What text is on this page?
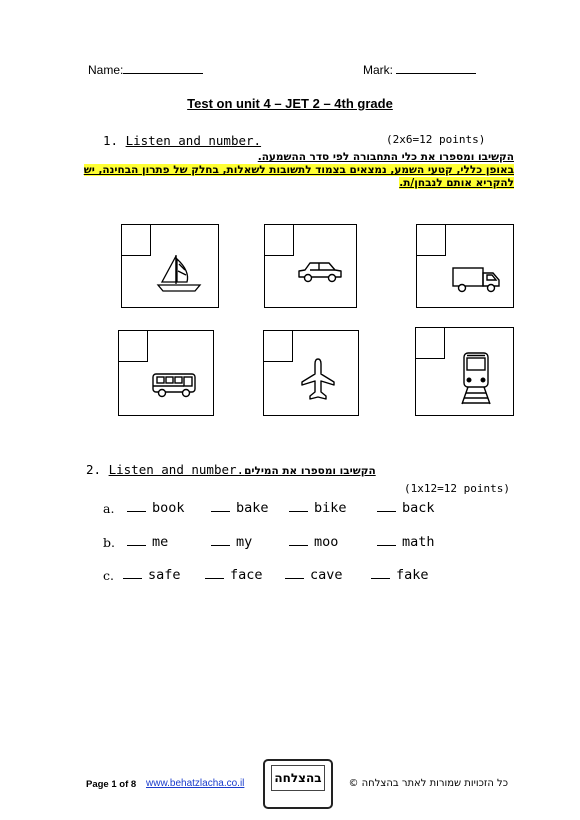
Name:	Mark:
Test on unit 4 – JET 2 – 4th grade
1. Listen and number.	(2x6=12 points)
הקשיבו ומספרו את כלי התחבורה לפי סדר ההשמעה.
באופן כללי, קטעי השמע, נמצאים בצמוד לתשובות לשאלות, בחלק של פתרון הבחינה, יש
להקריא אותם לנבחן/ת.
2. Listen and number.הקשיבו ומספרו את המילים
(1x12=12 points)
a.	book	bake	bike	back
b.	me	my	moo	math
c.	safe	face	cave	fake
Page 1 of 8 www.behatzlacha.co.il	בהצלחה	כל הזכויות שמורות לאתר בהצלחה ©
